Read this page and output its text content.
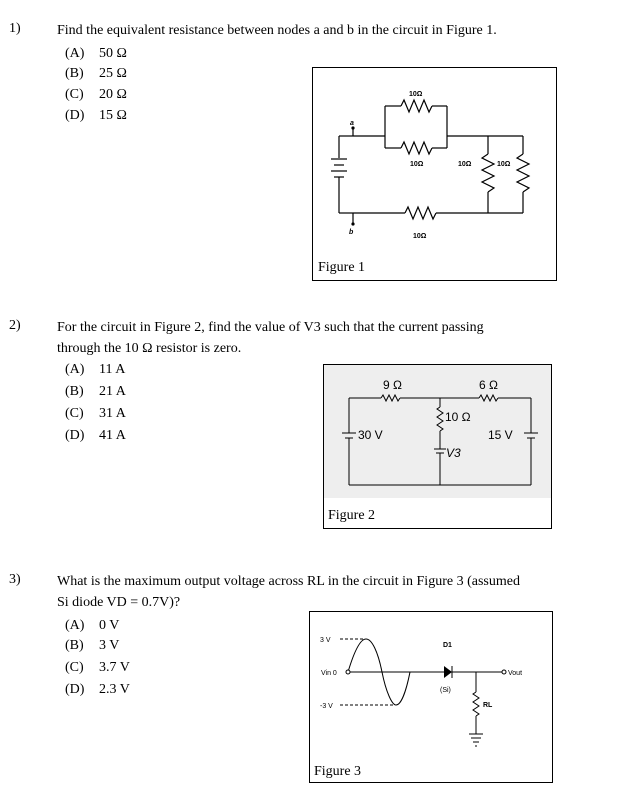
1)	Find the equivalent resistance between nodes a and b in the circuit in Figure 1.
(A) 50 Ω
(B) 25 Ω
(C) 20 Ω
(D) 15 Ω
a
b
10Ω
10Ω	10Ω	10Ω
10Ω
Figure 1
2)	For the circuit in Figure 2, find the value of V3 such that the current passing
through the 10 Ω resistor is zero.
(A) 11 A
(B) 21 A
(C) 31 A
(D) 41 A
9 Ω	6 Ω
10 Ω
30 V	15 V
V3
Figure 2
3)	What is the maximum output voltage across RL in the circuit in Figure 3 (assumed
Si diode VD = 0.7V)?
(A) 0 V
(B) 3 V
(C) 3.7 V
(D) 2.3 V
3 V
Vin 0
-3 V
D1
(Si)
RL
Vout
Figure 3
